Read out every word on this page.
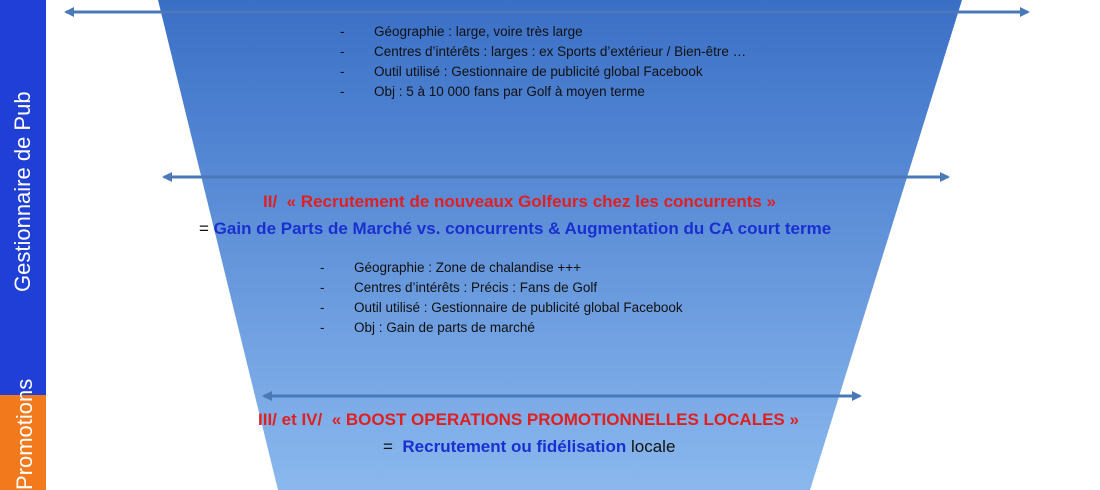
Gestionnaire de Pub
Promotions
- Géographie : large, voire très large
- Centres d’intérêts : larges : ex Sports d’extérieur / Bien-être …
- Outil utilisé : Gestionnaire de publicité global Facebook
- Obj : 5 à 10 000 fans par Golf à moyen terme
II/ « Recrutement de nouveaux Golfeurs chez les concurrents »
= Gain de Parts de Marché vs. concurrents & Augmentation du CA court terme
- Géographie : Zone de chalandise +++
- Centres d’intérêts : Précis : Fans de Golf
- Outil utilisé : Gestionnaire de publicité global Facebook
- Obj : Gain de parts de marché
III/ et IV/ « BOOST OPERATIONS PROMOTIONNELLES LOCALES »
= Recrutement ou fidélisation locale
